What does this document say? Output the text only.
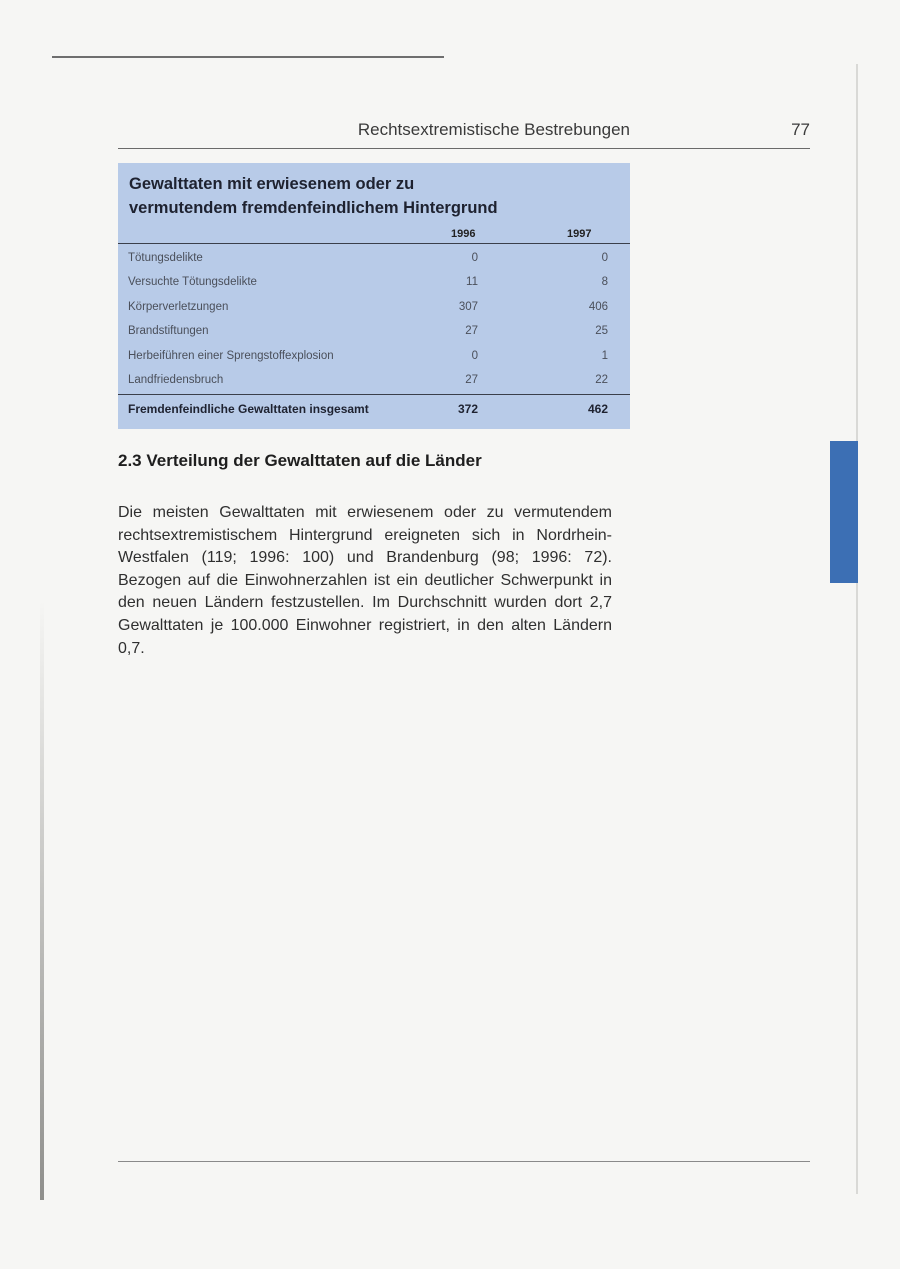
Rechtsextremistische Bestrebungen	77
Gewalttaten mit erwiesenem oder zu
vermutendem fremdenfeindlichem Hintergrund
1996	1997
Tötungsdelikte	0	0
Versuchte Tötungsdelikte	11	8
Körperverletzungen	307	406
Brandstiftungen	27	25
Herbeiführen einer Sprengstoffexplosion	0	1
Landfriedensbruch	27	22
Fremdenfeindliche Gewalttaten insgesamt	372	462
2.3 Verteilung der Gewalttaten auf die Länder
Die meisten Gewalttaten mit erwiesenem oder zu vermutendem rechtsextremistischem Hintergrund ereigneten sich in Nordrhein-Westfalen (119; 1996: 100) und Brandenburg (98; 1996: 72). Bezogen auf die Einwohnerzahlen ist ein deutlicher Schwerpunkt in den neuen Ländern festzustellen. Im Durchschnitt wurden dort 2,7 Gewalttaten je 100.000 Einwohner registriert, in den alten Ländern 0,7.
